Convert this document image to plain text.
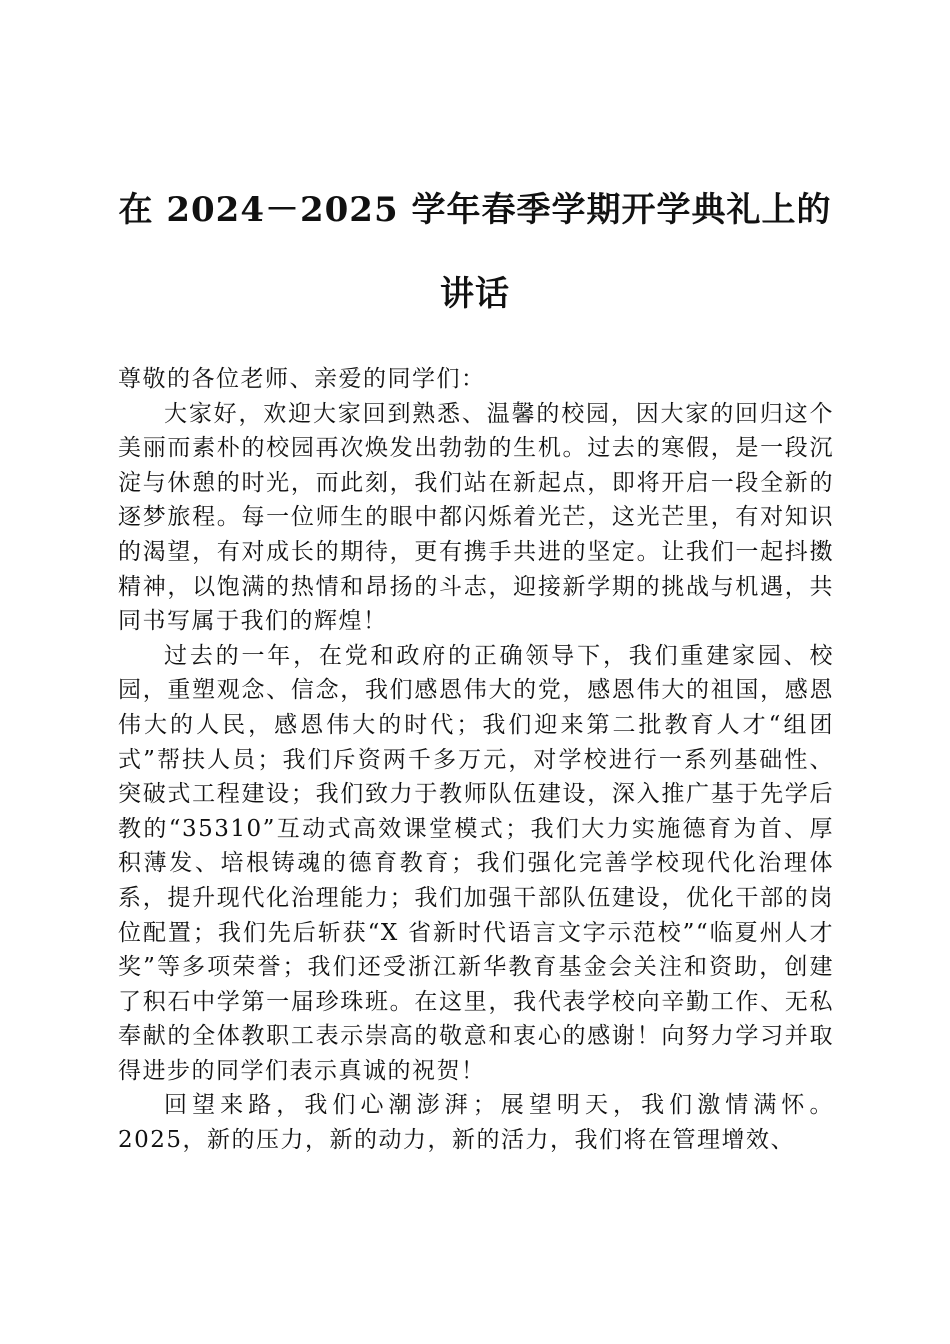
在 2024－2025 学年春季学期开学典礼上的讲话

尊敬的各位老师、亲爱的同学们：

大家好，欢迎大家回到熟悉、温馨的校园，因大家的回归这个美丽而素朴的校园再次焕发出勃勃的生机。过去的寒假，是一段沉淀与休憩的时光，而此刻，我们站在新起点，即将开启一段全新的逐梦旅程。每一位师生的眼中都闪烁着光芒，这光芒里，有对知识的渴望，有对成长的期待，更有携手共进的坚定。让我们一起抖擞精神，以饱满的热情和昂扬的斗志，迎接新学期的挑战与机遇，共同书写属于我们的辉煌！

过去的一年，在党和政府的正确领导下，我们重建家园、校园，重塑观念、信念，我们感恩伟大的党，感恩伟大的祖国，感恩伟大的人民，感恩伟大的时代；我们迎来第二批教育人才“组团式”帮扶人员；我们斥资两千多万元，对学校进行一系列基础性、突破式工程建设；我们致力于教师队伍建设，深入推广基于先学后教的“35310”互动式高效课堂模式；我们大力实施德育为首、厚积薄发、培根铸魂的德育教育；我们强化完善学校现代化治理体系，提升现代化治理能力；我们加强干部队伍建设，优化干部的岗位配置；我们先后斩获“X 省新时代语言文字示范校”“临夏州人才奖”等多项荣誉；我们还受浙江新华教育基金会关注和资助，创建了积石中学第一届珍珠班。在这里，我代表学校向辛勤工作、无私奉献的全体教职工表示崇高的敬意和衷心的感谢！向努力学习并取得进步的同学们表示真诚的祝贺！

回望来路，我们心潮澎湃；展望明天，我们激情满怀。2025，新的压力，新的动力，新的活力，我们将在管理增效、
